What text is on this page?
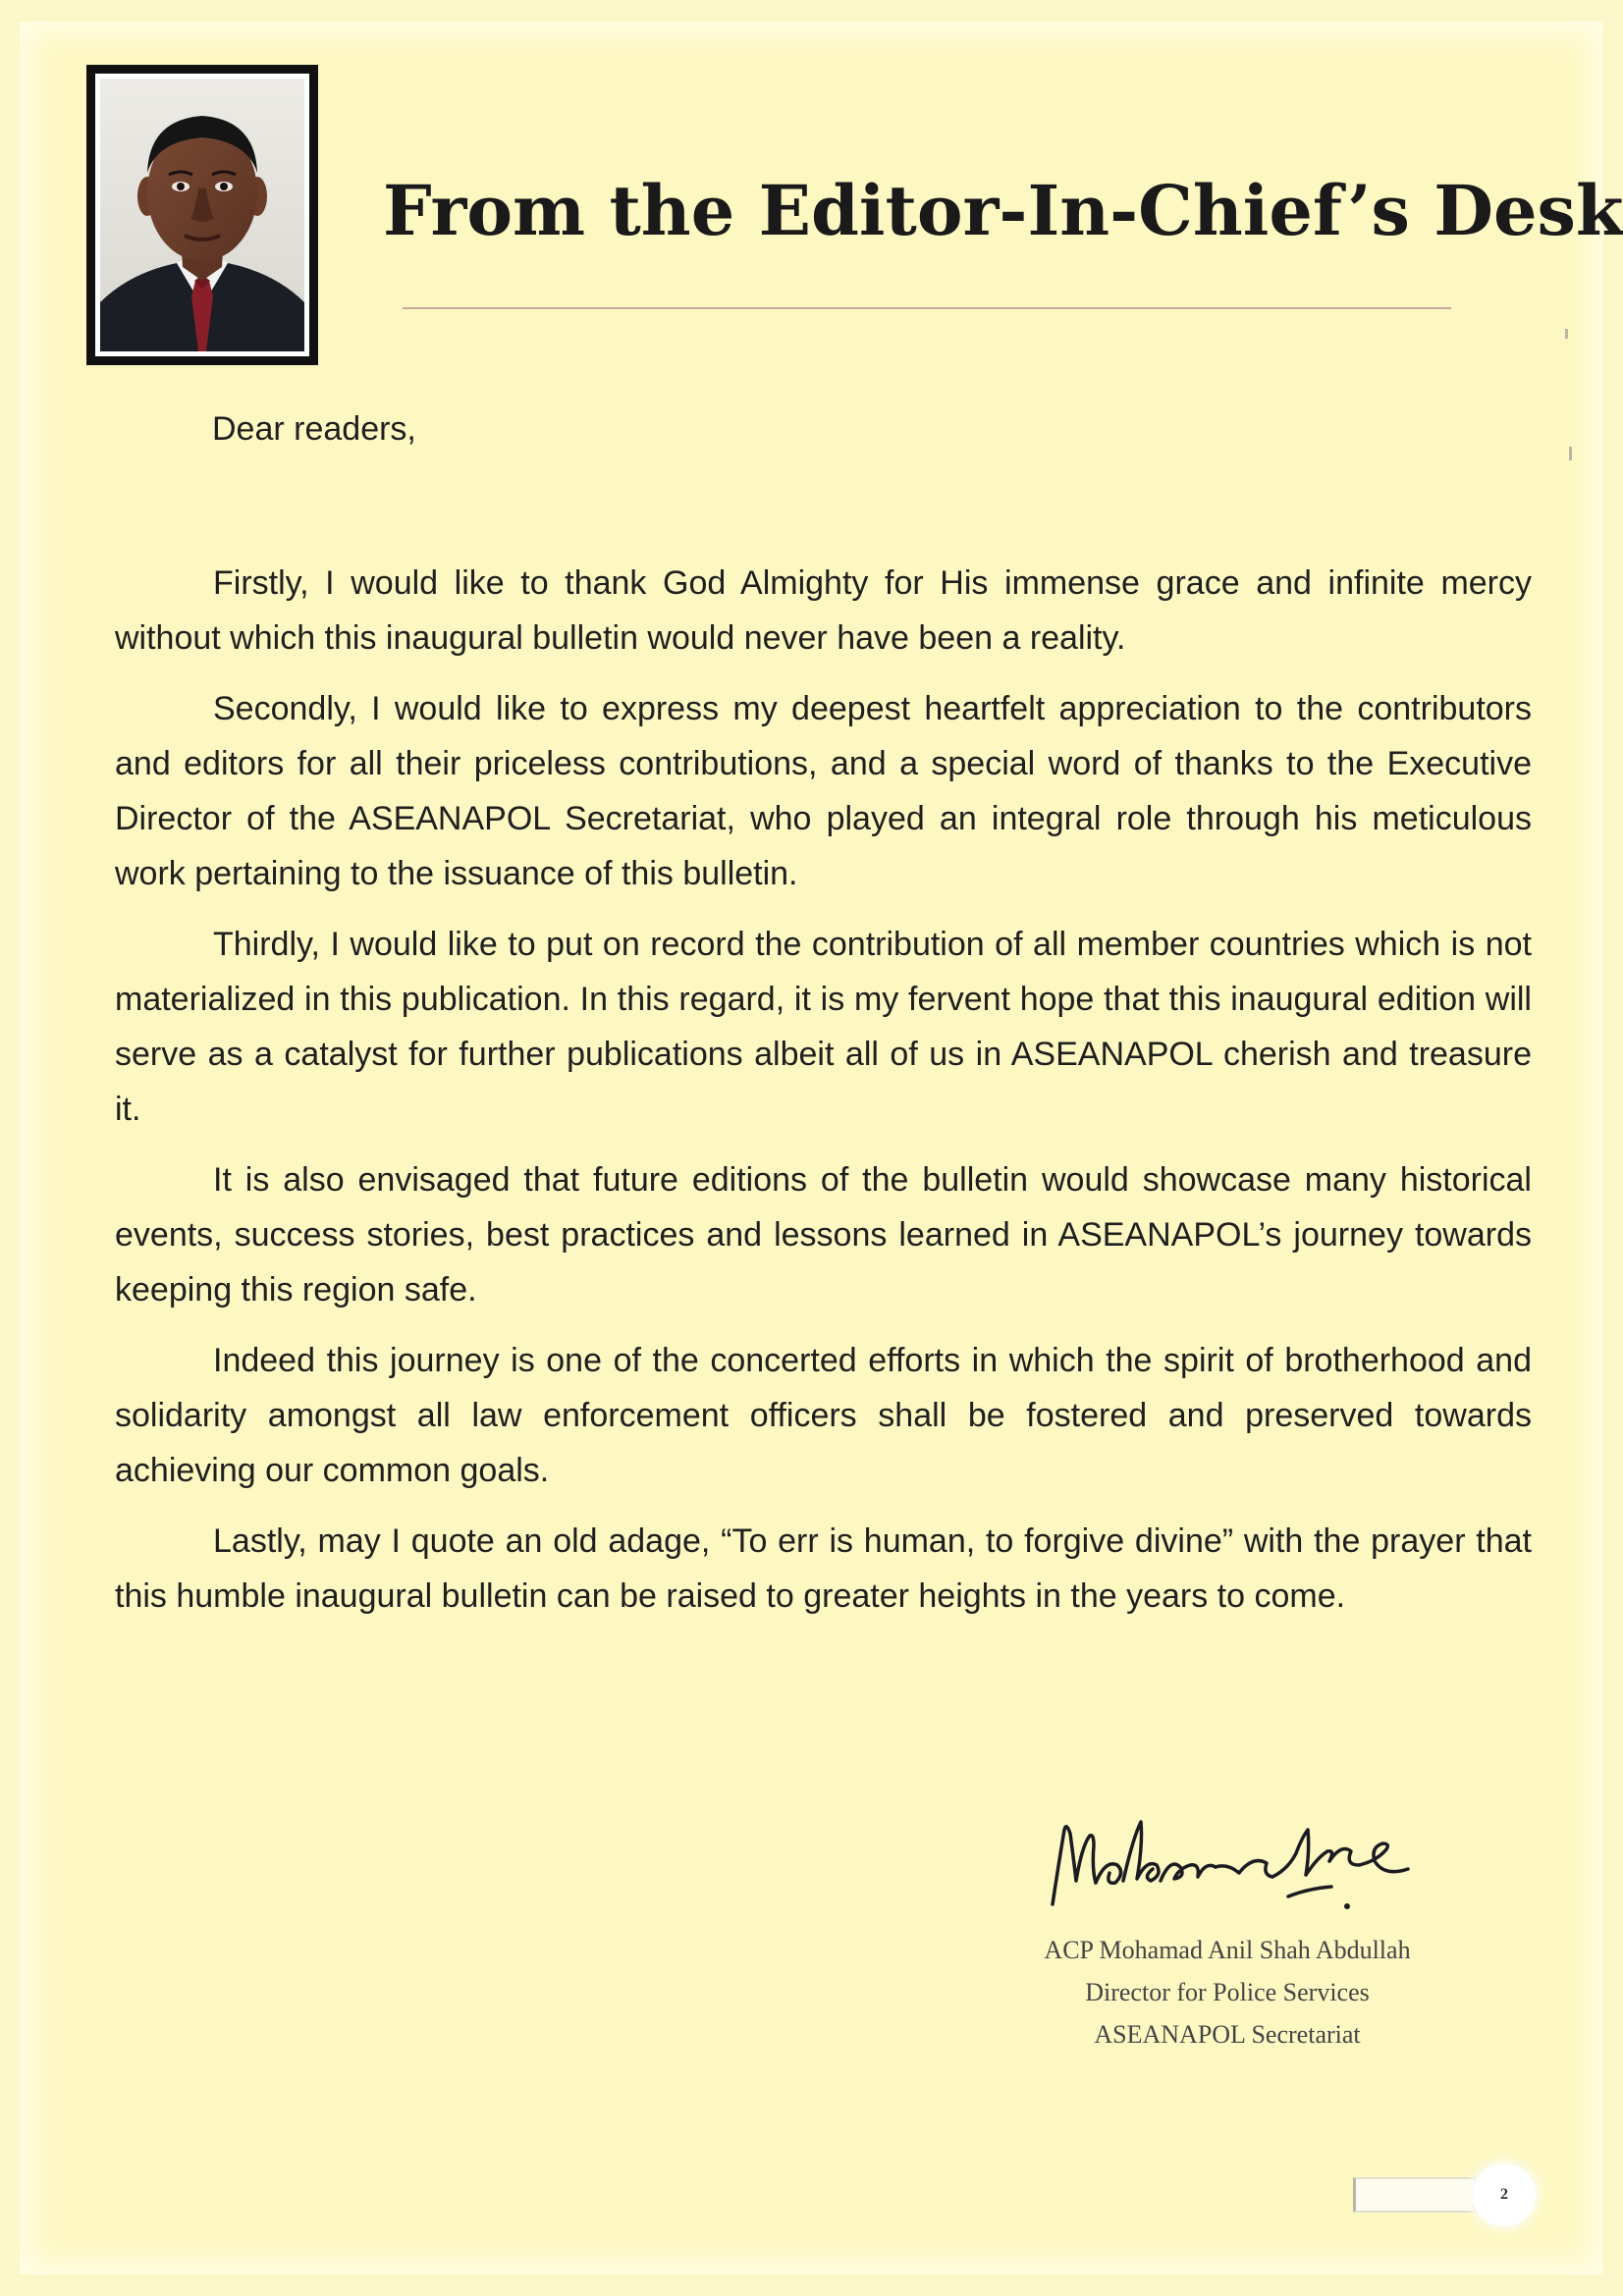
From the Editor-In-Chief’s Desk

Dear readers,

Firstly, I would like to thank God Almighty for His immense grace and infinite mercy without which this inaugural bulletin would never have been a reality.

Secondly, I would like to express my deepest heartfelt appreciation to the contributors and editors for all their priceless contributions, and a special word of thanks to the Executive Director of the ASEANAPOL Secretariat, who played an integral role through his meticulous work pertaining to the issuance of this bulletin.

Thirdly, I would like to put on record the contribution of all member countries which is not materialized in this publication. In this regard, it is my fervent hope that this inaugural edition will serve as a catalyst for further publications albeit all of us in ASEANAPOL cherish and treasure it.

It is also envisaged that future editions of the bulletin would showcase many historical events, success stories, best practices and lessons learned in ASEANAPOL’s journey towards keeping this region safe.

Indeed this journey is one of the concerted efforts in which the spirit of brotherhood and solidarity amongst all law enforcement officers shall be fostered and preserved towards achieving our common goals.

Lastly, may I quote an old adage, “To err is human, to forgive divine” with the prayer that this humble inaugural bulletin can be raised to greater heights in the years to come.

ACP Mohamad Anil Shah Abdullah
Director for Police Services
ASEANAPOL Secretariat
2
